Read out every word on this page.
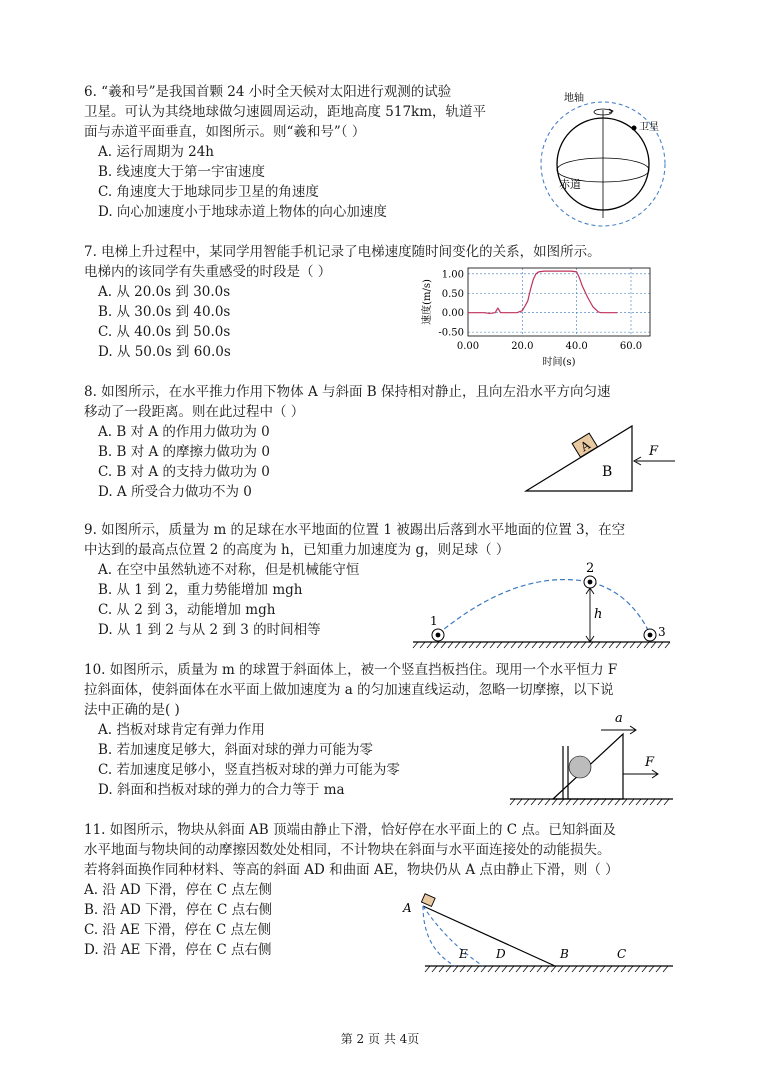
6. “羲和号”是我国首颗 24 小时全天候对太阳进行观测的试验
卫星。可认为其绕地球做匀速圆周运动，距地高度 517km，轨道平
面与赤道平面垂直，如图所示。则“羲和号”（ ）
A. 运行周期为 24h
B. 线速度大于第一宇宙速度
C. 角速度大于地球同步卫星的角速度
D. 向心加速度小于地球赤道上物体的向心加速度
地轴
卫星
赤道
7. 电梯上升过程中，某同学用智能手机记录了电梯速度随时间变化的关系，如图所示。
电梯内的该同学有失重感受的时段是（ ）
A. 从 20.0s 到 30.0s
B. 从 30.0s 到 40.0s
C. 从 40.0s 到 50.0s
D. 从 50.0s 到 60.0s	0.00	20.0	40.0	60.0
1.00
0.50
0.00
-0.50
速度(m/s)
时间(s)
8. 如图所示，在水平推力作用下物体 A 与斜面 B 保持相对静止，且向左沿水平方向匀速
移动了一段距离。则在此过程中（ ）
A. B 对 A 的作用力做功为 0
B. B 对 A 的摩擦力做功为 0
C. B 对 A 的支持力做功为 0
D. A 所受合力做功不为 0
A
B
F
9. 如图所示，质量为 m 的足球在水平地面的位置 1 被踢出后落到水平地面的位置 3，在空
中达到的最高点位置 2 的高度为 h，已知重力加速度为 g，则足球（ ）
A. 在空中虽然轨迹不对称，但是机械能守恒
B. 从 1 到 2，重力势能增加 mgh
C. 从 2 到 3，动能增加 mgh
D. 从 1 到 2 与从 2 到 3 的时间相等
1
2
3
h
10. 如图所示，质量为 m 的球置于斜面体上，被一个竖直挡板挡住。现用一个水平恒力 F
拉斜面体，使斜面体在水平面上做加速度为 a 的匀加速直线运动，忽略一切摩擦，以下说
法中正确的是( )
A. 挡板对球肯定有弹力作用
B. 若加速度足够大，斜面对球的弹力可能为零
C. 若加速度足够小，竖直挡板对球的弹力可能为零
D. 斜面和挡板对球的弹力的合力等于 ma
a
F
11. 如图所示，物块从斜面 AB 顶端由静止下滑，恰好停在水平面上的 C 点。已知斜面及
水平地面与物块间的动摩擦因数处处相同，不计物块在斜面与水平面连接处的动能损失。
若将斜面换作同种材料、等高的斜面 AD 和曲面 AE，物块仍从 A 点由静止下滑，则（ ）
A. 沿 AD 下滑，停在 C 点左侧
B. 沿 AD 下滑，停在 C 点右侧
C. 沿 AE 下滑，停在 C 点左侧
D. 沿 AE 下滑，停在 C 点右侧
A
E D	B	C
第 2 页 共 4页
